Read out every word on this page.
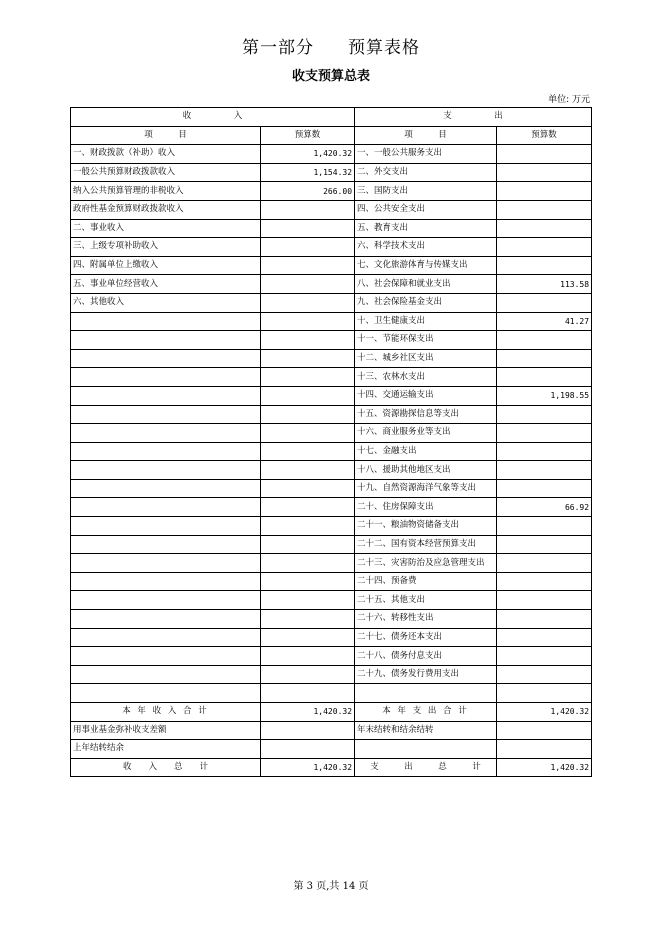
第一部分 预算表格
收支预算总表
单位: 万元
收　　　　　入		支　　　　　出	
项　　　目	预算数	项　　　目	预算数
一、财政拨款（补助）收入	1,420.32	一、一般公共服务支出	
一般公共预算财政拨款收入	1,154.32	二、外交支出	
纳入公共预算管理的非税收入	266.00	三、国防支出	
政府性基金预算财政拨款收入		四、公共安全支出	
二、事业收入		五、教育支出	
三、上级专项补助收入		六、科学技术支出	
四、附属单位上缴收入		七、文化旅游体育与传媒支出	
五、事业单位经营收入		八、社会保障和就业支出	113.58
六、其他收入		九、社会保险基金支出	
		十、卫生健康支出	41.27
		十一、节能环保支出	
		十二、城乡社区支出	
		十三、农林水支出	
		十四、交通运输支出	1,198.55
		十五、资源勘探信息等支出	
		十六、商业服务业等支出	
		十七、金融支出	
		十八、援助其他地区支出	
		十九、自然资源海洋气象等支出	
		二十、住房保障支出	66.92
		二十一、粮油物资储备支出	
		二十二、国有资本经营预算支出	
		二十三、灾害防治及应急管理支出	
		二十四、预备费	
		二十五、其他支出	
		二十六、转移性支出	
		二十七、债务还本支出	
		二十八、债务付息支出	
		二十九、债务发行费用支出	

本 年 收 入 合 计	1,420.32	本 年 支 出 合 计	1,420.32
用事业基金弥补收支差额		年末结转和结余结转	
上年结转结余			
收　　入　　总　　计	1,420.32	支　　　出　　　总　　　计	1,420.32
第 3 页,共 14 页
